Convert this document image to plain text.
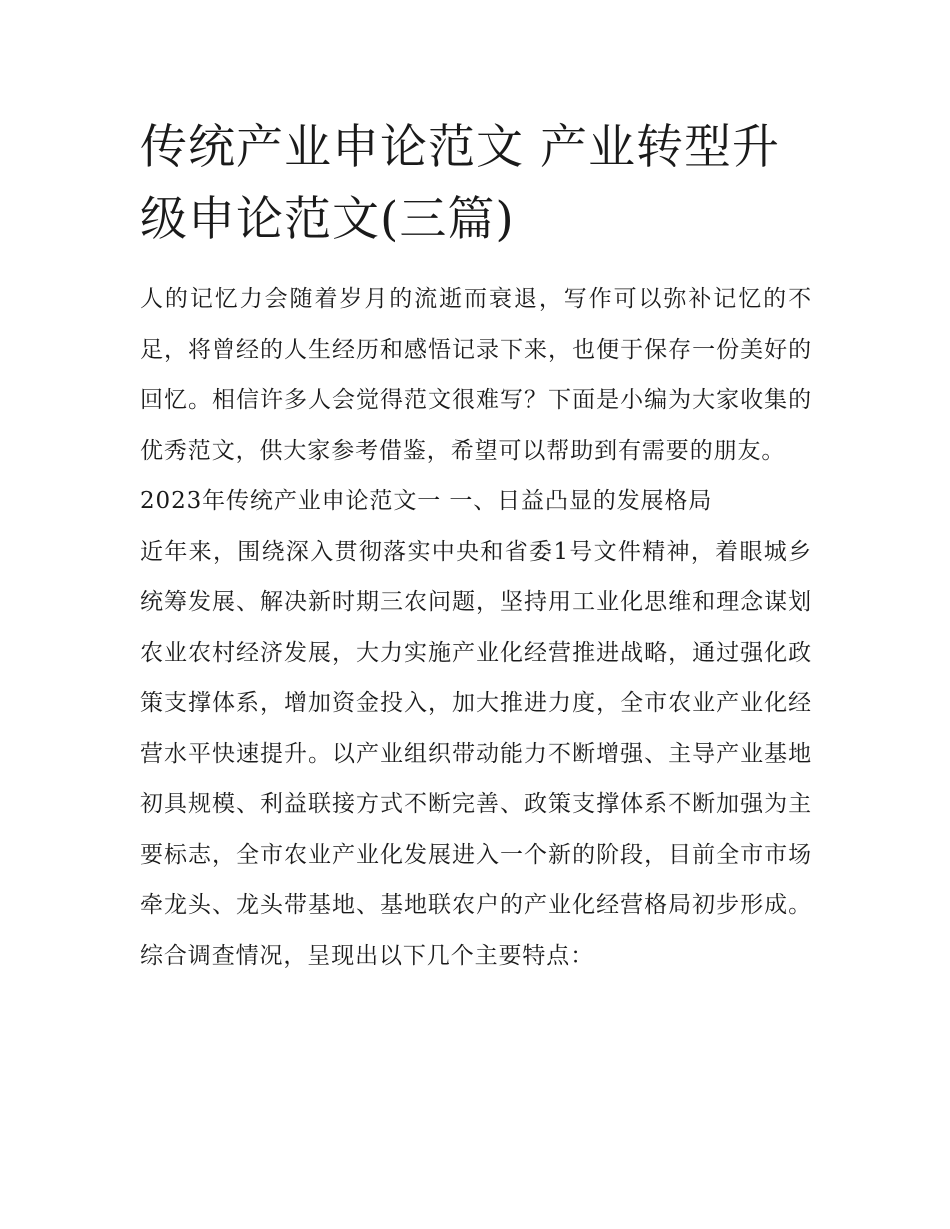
传统产业申论范文 产业转型升级申论范文(三篇)

人的记忆力会随着岁月的流逝而衰退，写作可以弥补记忆的不足，将曾经的人生经历和感悟记录下来，也便于保存一份美好的回忆。相信许多人会觉得范文很难写？下面是小编为大家收集的优秀范文，供大家参考借鉴，希望可以帮助到有需要的朋友。

2023年传统产业申论范文一 一、日益凸显的发展格局

近年来，围绕深入贯彻落实中央和省委1号文件精神，着眼城乡统筹发展、解决新时期三农问题，坚持用工业化思维和理念谋划农业农村经济发展，大力实施产业化经营推进战略，通过强化政策支撑体系，增加资金投入，加大推进力度，全市农业产业化经营水平快速提升。以产业组织带动能力不断增强、主导产业基地初具规模、利益联接方式不断完善、政策支撑体系不断加强为主要标志，全市农业产业化发展进入一个新的阶段，目前全市市场牵龙头、龙头带基地、基地联农户的产业化经营格局初步形成。综合调查情况，呈现出以下几个主要特点：
